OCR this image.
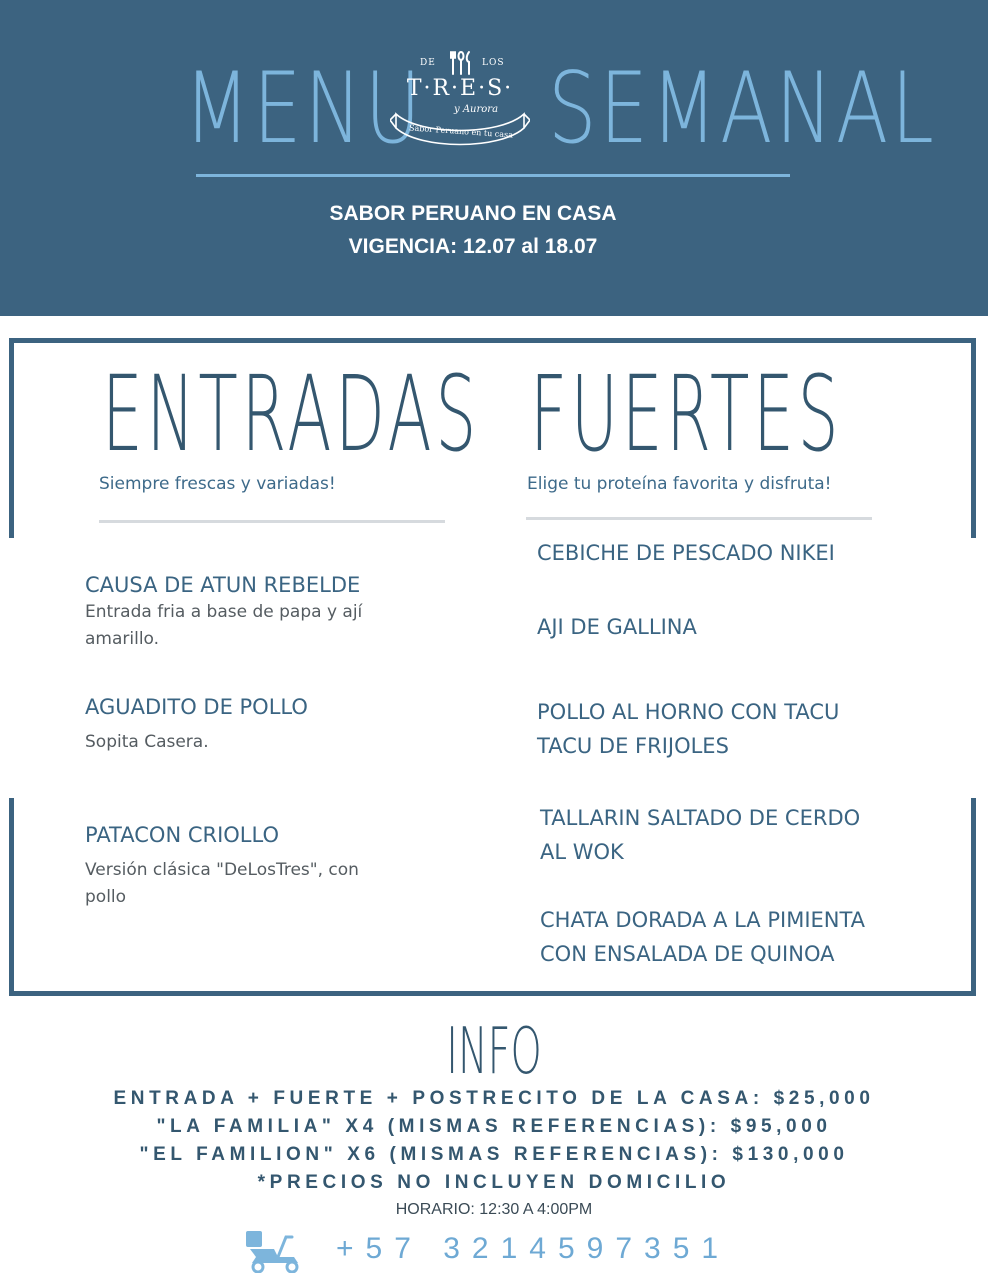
MENU SEMANAL
DE	LOS
T·R·E·S·
y Aurora
Sabor Peruano en tu casa
SABOR PERUANO EN CASA
VIGENCIA: 12.07 al 18.07
ENTRADAS
Siempre frescas y variadas!
CAUSA DE ATUN REBELDE
Entrada fria a base de papa y ají
amarillo.
AGUADITO DE POLLO
Sopita Casera.
PATACON CRIOLLO
Versión clásica "DeLosTres", con
pollo
FUERTES
Elige tu proteína favorita y disfruta!
CEBICHE DE PESCADO NIKEI
AJI DE GALLINA
POLLO AL HORNO CON TACU
TACU DE FRIJOLES
TALLARIN SALTADO DE CERDO
AL WOK
CHATA DORADA A LA PIMIENTA
CON ENSALADA DE QUINOA
INFO
ENTRADA + FUERTE + POSTRECITO DE LA CASA: $25,000
"LA FAMILIA" X4 (MISMAS REFERENCIAS): $95,000
"EL FAMILION" X6 (MISMAS REFERENCIAS): $130,000
*PRECIOS NO INCLUYEN DOMICILIO
HORARIO: 12:30 A 4:00PM
+57 3214597351
